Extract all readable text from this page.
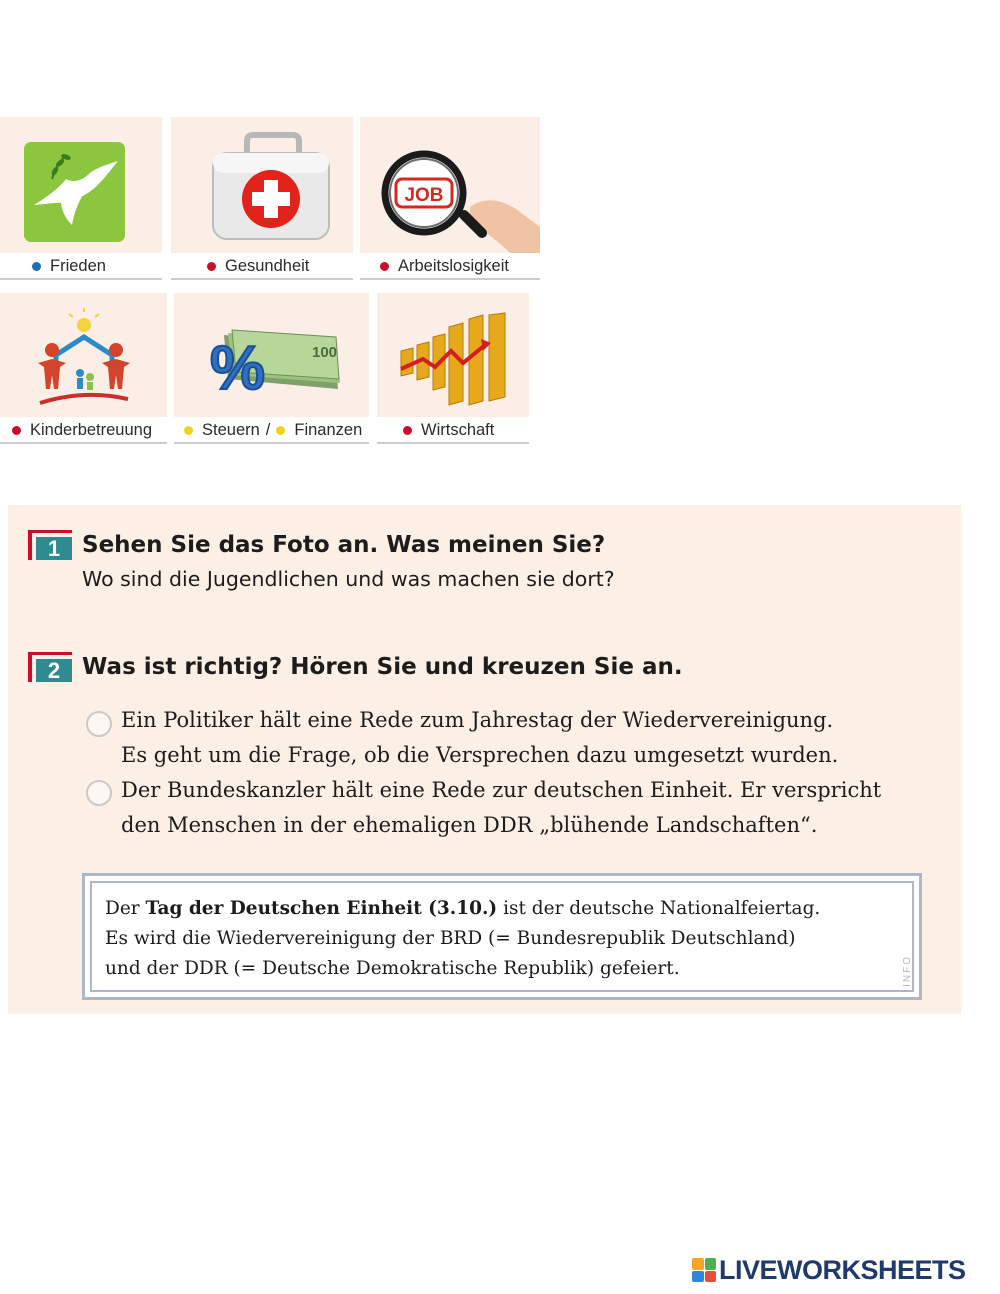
Frieden	Gesundheit
JOB
Arbeitslosigkeit
Kinderbetreuung
100
%
Steuern / Finanzen	Wirtschaft
1 Sehen Sie das Foto an. Was meinen Sie?
Wo sind die Jugendlichen und was machen sie dort?
2 Was ist richtig? Hören Sie und kreuzen Sie an.
Ein Politiker hält eine Rede zum Jahrestag der Wiedervereinigung.
Es geht um die Frage, ob die Versprechen dazu umgesetzt wurden.
Der Bundeskanzler hält eine Rede zur deutschen Einheit. Er verspricht
den Menschen in der ehemaligen DDR „blühende Landschaften“.
Der Tag der Deutschen Einheit (3.10.) ist der deutsche Nationalfeiertag.
Es wird die Wiedervereinigung der BRD (= Bundesrepublik Deutschland)
und der DDR (= Deutsche Demokratische Republik) gefeiert.	INFO
LIVEWORKSHEETS
